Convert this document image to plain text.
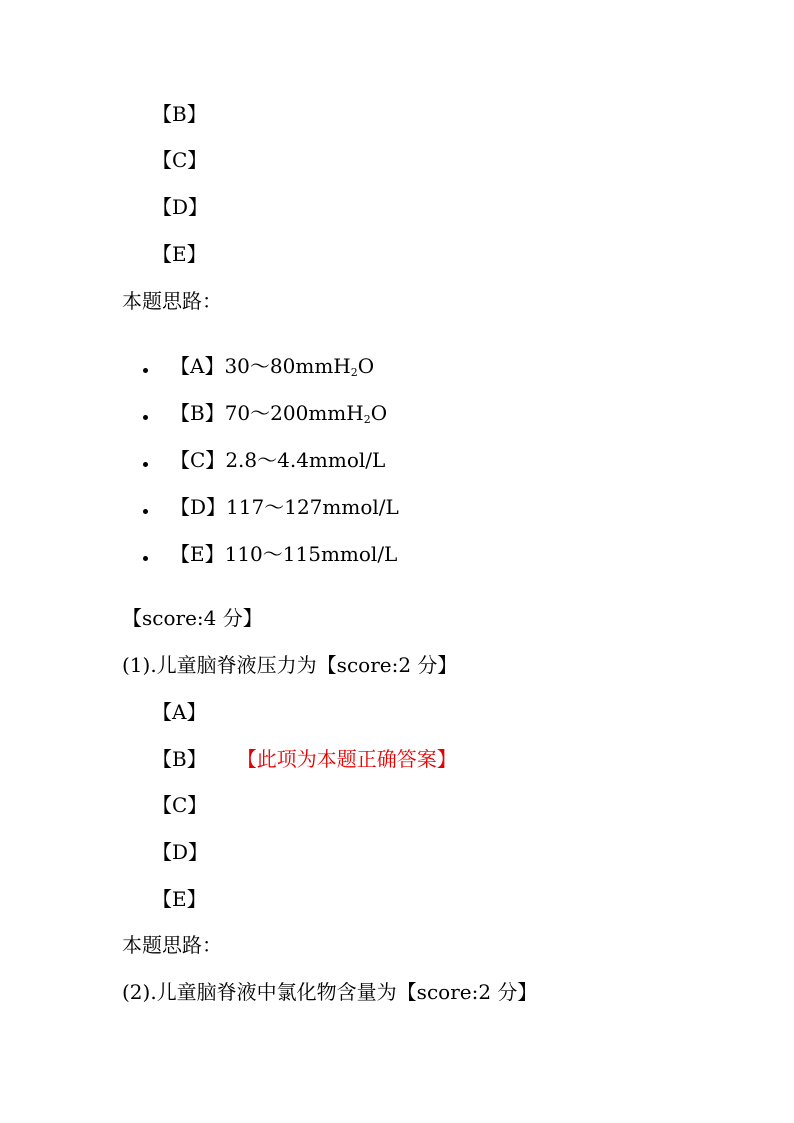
【B】
【C】
【D】
【E】
本题思路：
【A】30～80mmH$_2$O
【B】70～200mmH$_2$O
【C】2.8～4.4mmol/L
【D】117～127mmol/L
【E】110～115mmol/L
【score:4 分】
(1).儿童脑脊液压力为【score:2 分】
【A】
【B】 【此项为本题正确答案】
【C】
【D】
【E】
本题思路：
(2).儿童脑脊液中氯化物含量为【score:2 分】
